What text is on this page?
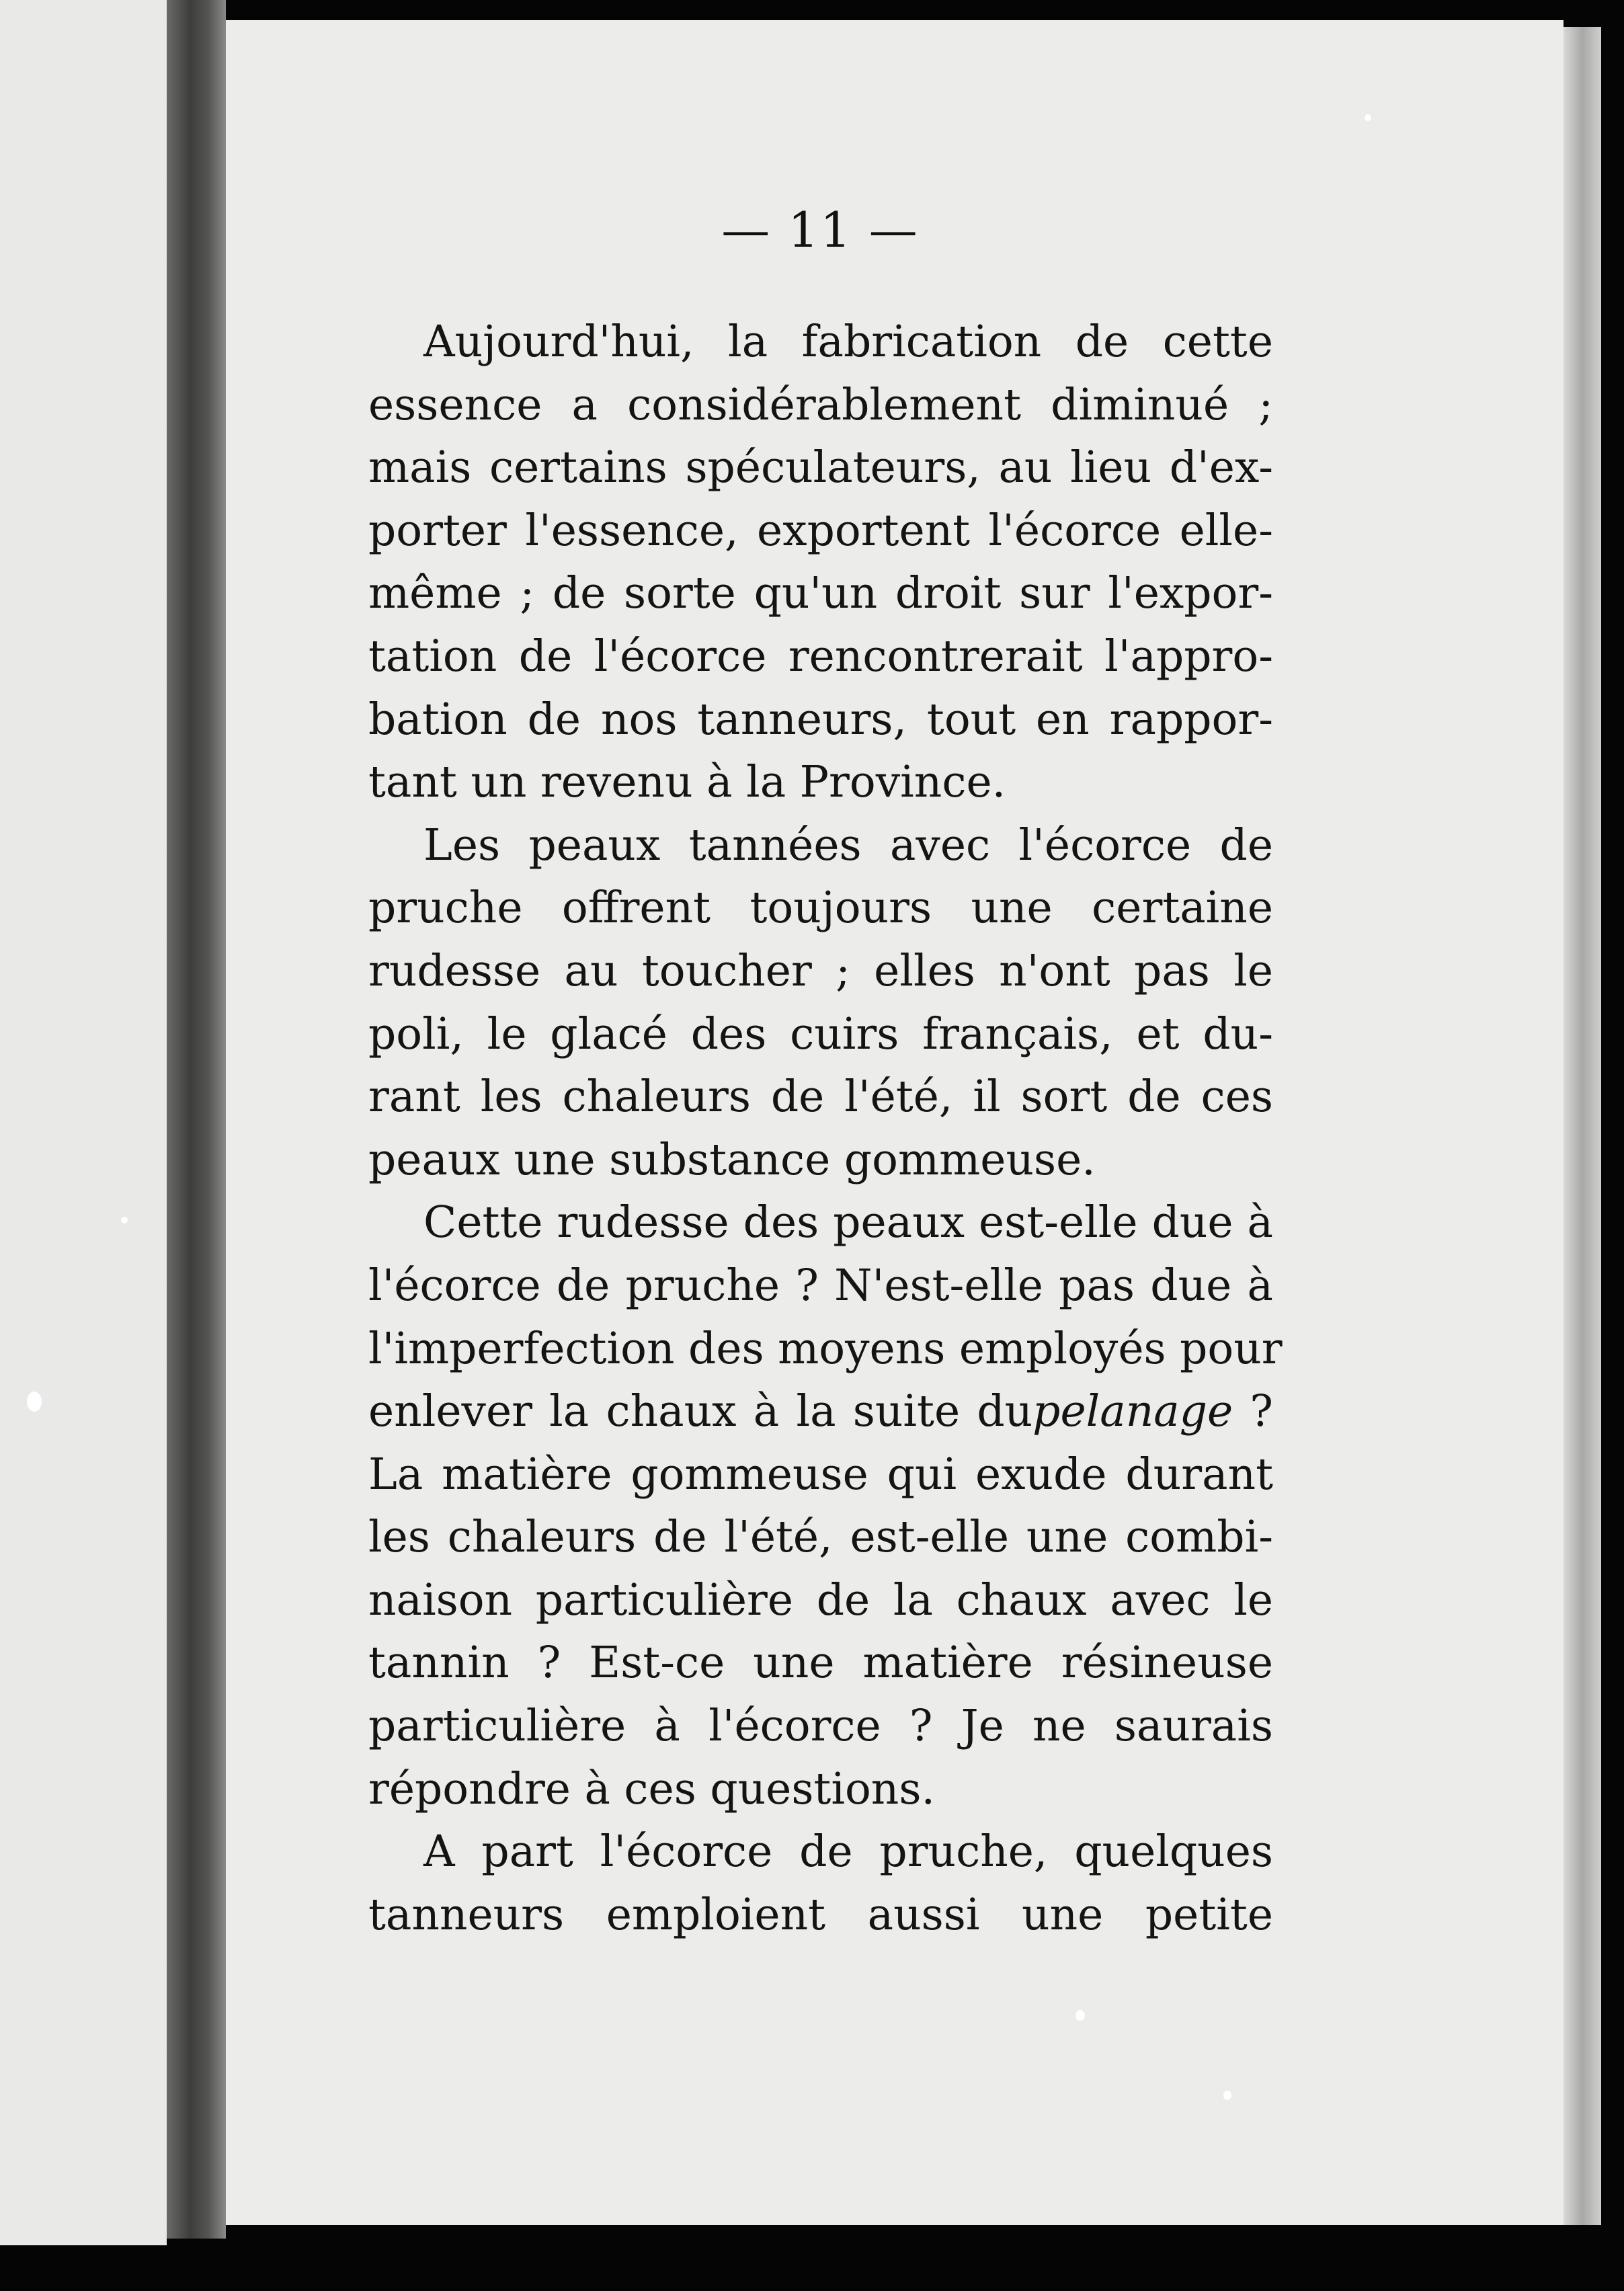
— 11 —
Aujourd'hui, la fabrication de cette
essence a considérablement diminué ;
mais certains spéculateurs, au lieu d'ex-
porter l'essence, exportent l'écorce elle-
même ; de sorte qu'un droit sur l'expor-
tation de l'écorce rencontrerait l'appro-
bation de nos tanneurs, tout en rappor-
tant un revenu à la Province.
Les peaux tannées avec l'écorce de
pruche offrent toujours une certaine
rudesse au toucher ; elles n'ont pas le
poli, le glacé des cuirs français, et du-
rant les chaleurs de l'été, il sort de ces
peaux une substance gommeuse.
Cette rudesse des peaux est-elle due à
l'écorce de pruche ? N'est-elle pas due à
l'imperfection des moyens employés pour
enlever la chaux à la suite dupelanage ?
La matière gommeuse qui exude durant
les chaleurs de l'été, est-elle une combi-
naison particulière de la chaux avec le
tannin ? Est-ce une matière résineuse
particulière à l'écorce ? Je ne saurais
répondre à ces questions.
A part l'écorce de pruche, quelques
tanneurs emploient aussi une petite
